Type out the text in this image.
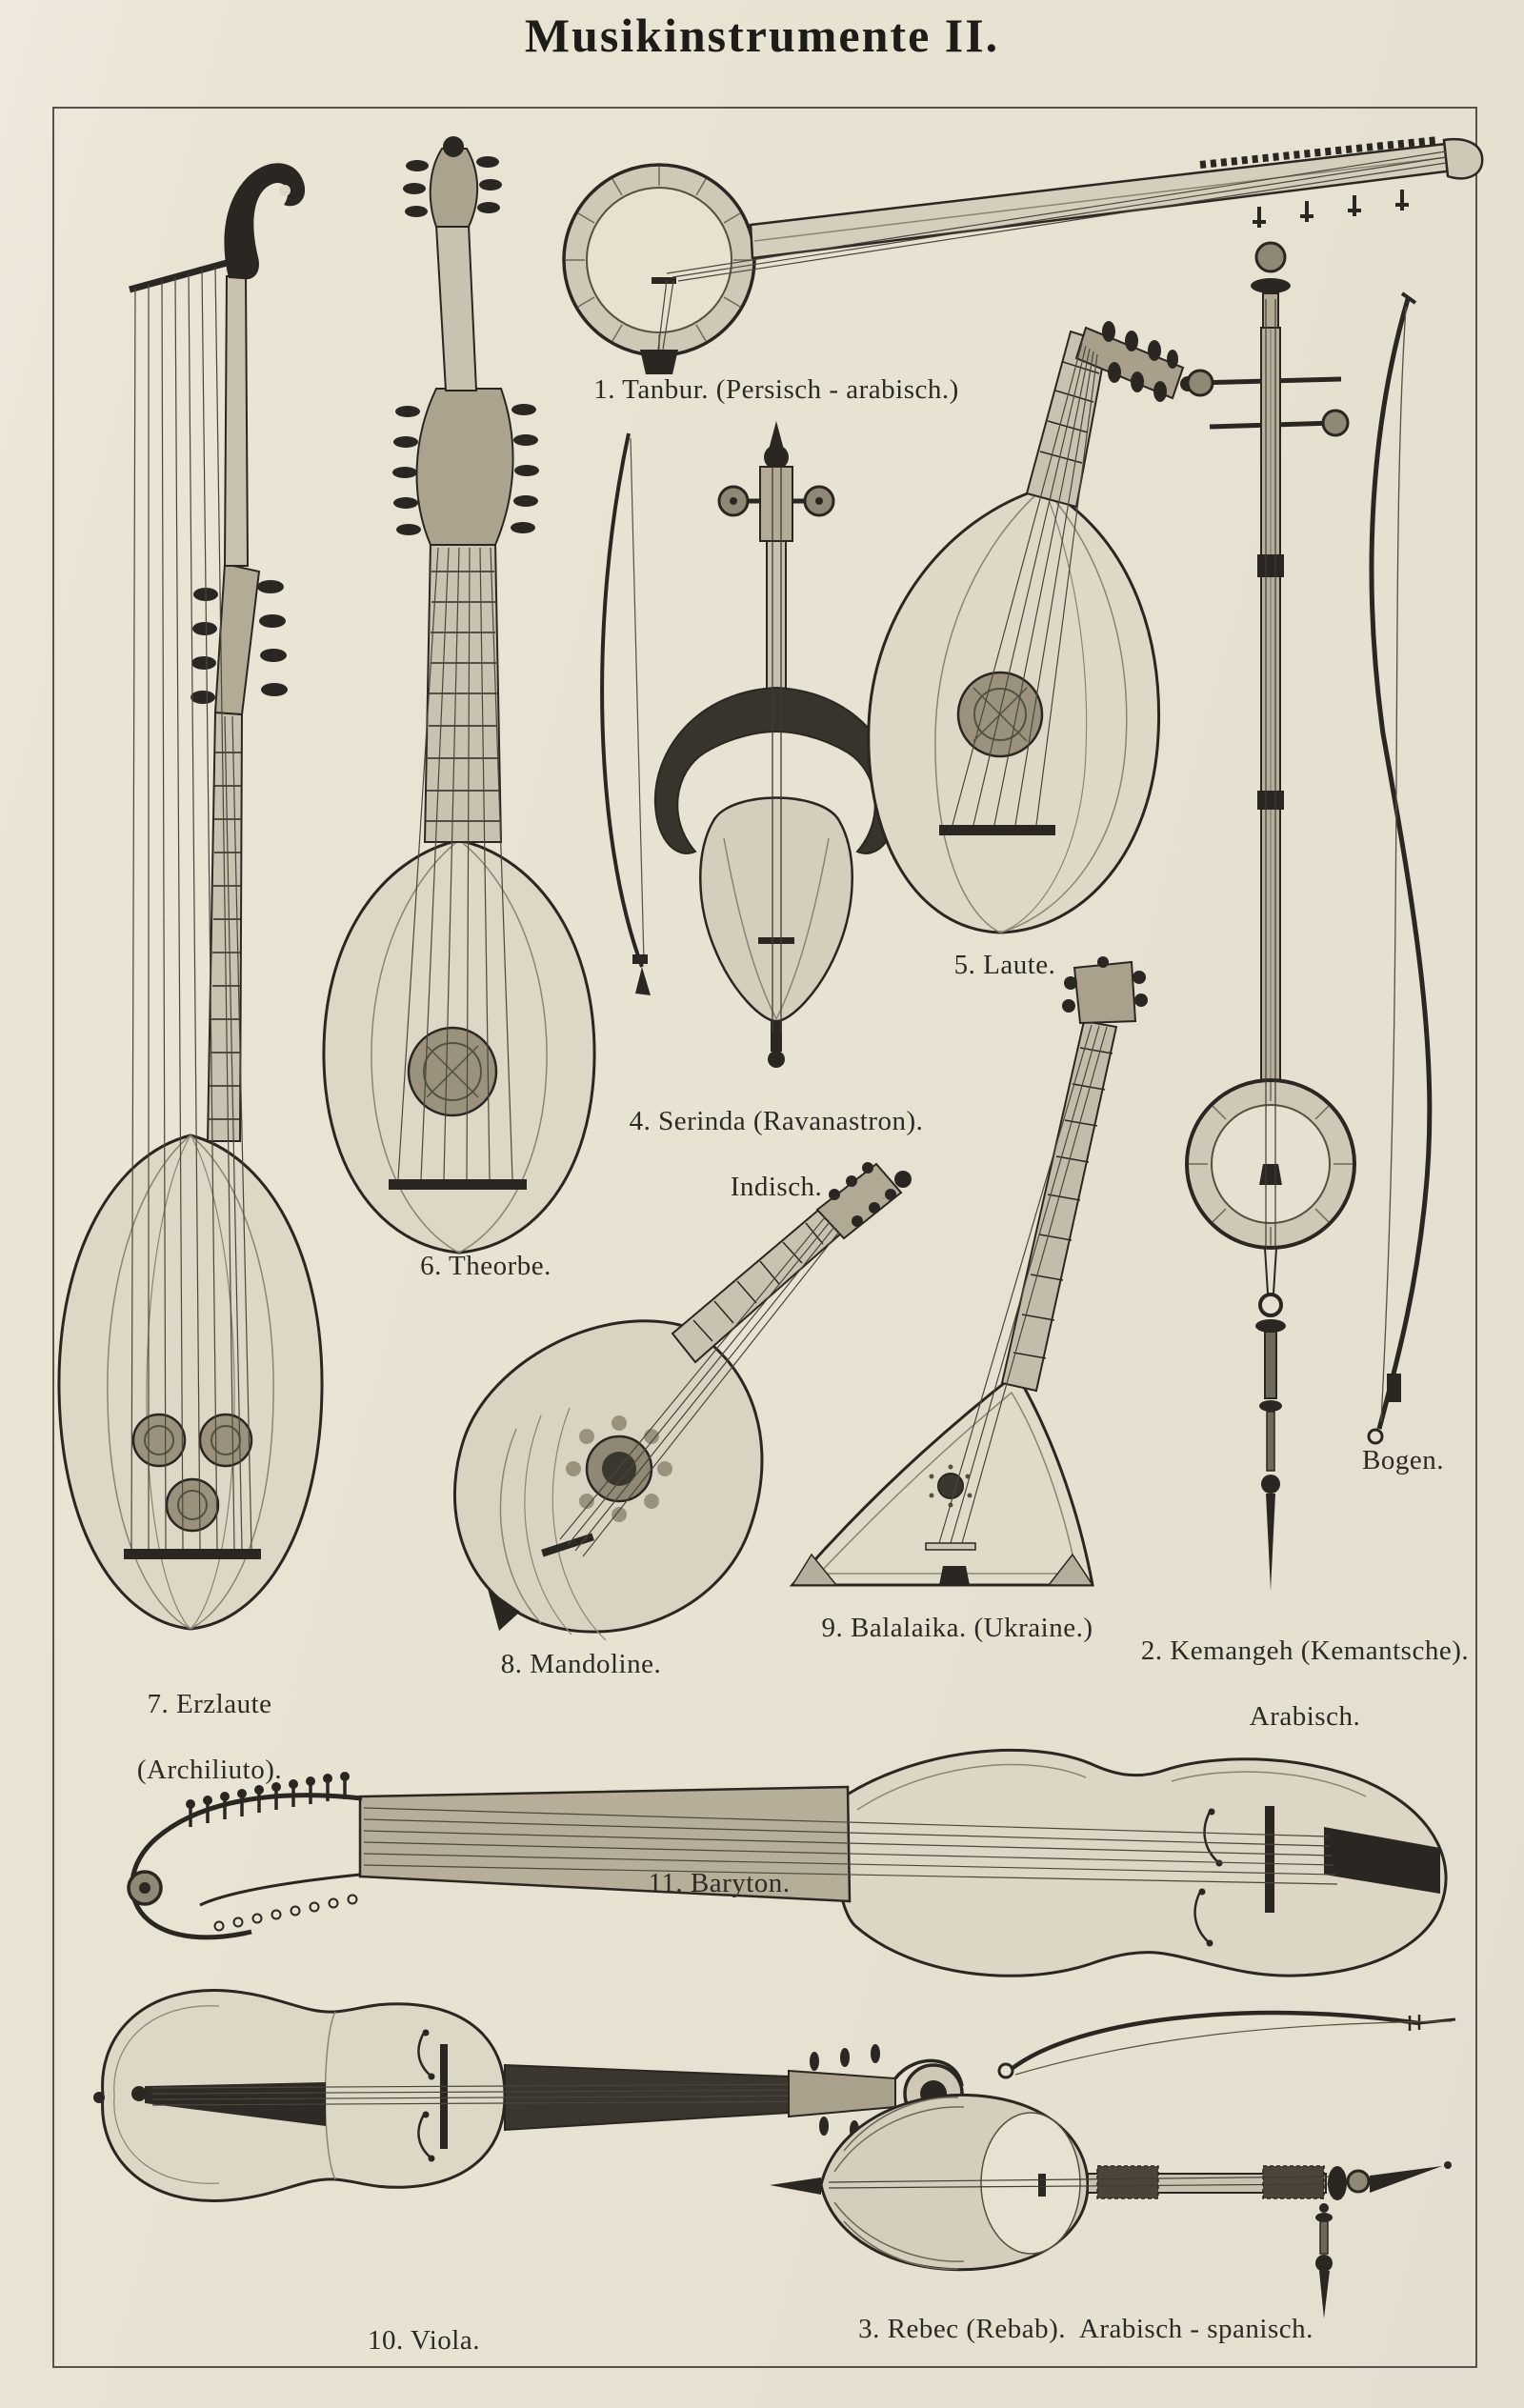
Musikinstrumente II.
1. Tanbur. (Persisch - arabisch.)
5. Laute.

4. Serinda (Ravanastron).

Indisch.

6. Theorbe.
Bogen.
9. Balalaika. (Ukraine.)

2. Kemangeh (Kemantsche).

Arabisch.

7. Erzlaute

(Archiliuto).

8. Mandoline.
11. Baryton.
10. Viola.	3. Rebec (Rebab).  Arabisch - spanisch.
